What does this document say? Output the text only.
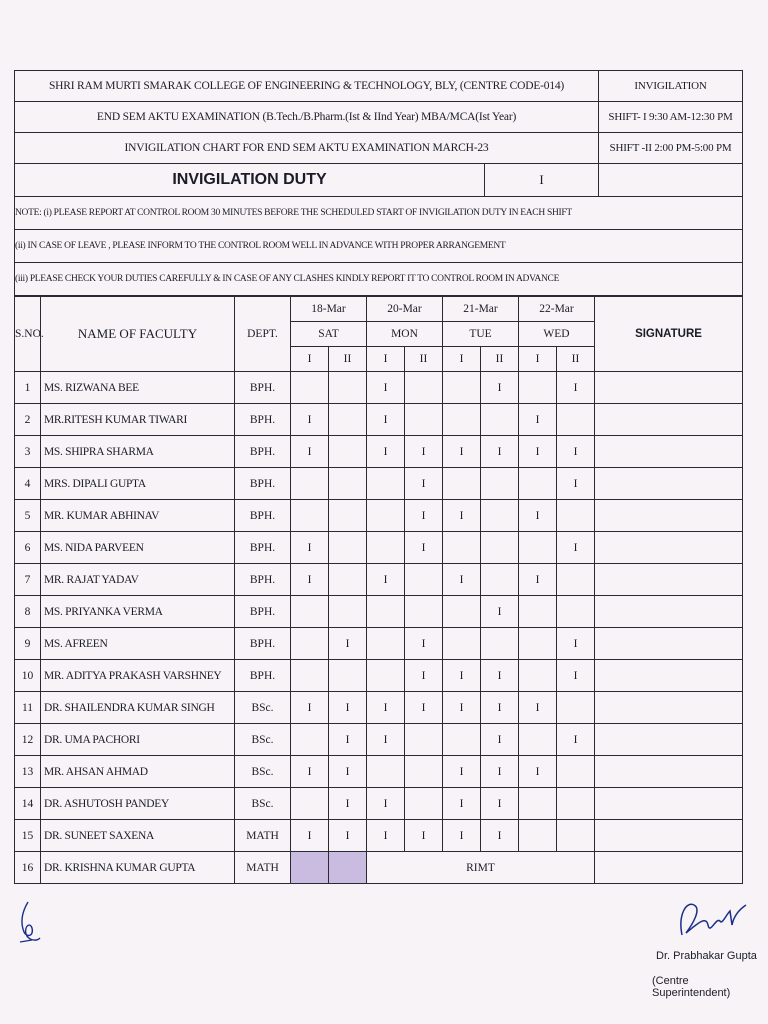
SHRI RAM MURTI SMARAK COLLEGE OF ENGINEERING & TECHNOLOGY, BLY, (CENTRE CODE-014)		INVIGILATION
END SEM AKTU EXAMINATION (B.Tech./B.Pharm.(Ist & IInd Year) MBA/MCA(Ist Year)		SHIFT- I 9:30 AM-12:30 PM
INVIGILATION CHART FOR END SEM AKTU EXAMINATION MARCH-23		SHIFT -II 2:00 PM-5:00 PM
INVIGILATION DUTY	I	
NOTE: (i) PLEASE REPORT AT CONTROL ROOM 30 MINUTES BEFORE THE SCHEDULED START OF INVIGILATION DUTY IN EACH SHIFT		
(ii) IN CASE OF LEAVE , PLEASE INFORM TO THE CONTROL ROOM WELL IN ADVANCE WITH PROPER ARRANGEMENT		
(iii) PLEASE CHECK YOUR DUTIES CAREFULLY & IN CASE OF ANY CLASHES KINDLY REPORT IT TO CONTROL ROOM IN ADVANCE		
S.NO.	NAME OF FACULTY	DEPT.	18-Mar		20-Mar		21-Mar		22-Mar		SIGNATURE
			SAT		MON		TUE		WED		
			I	II	I	II	I	II	I	II	
1	MS. RIZWANA BEE	BPH.			I			I		I	
2	MR.RITESH KUMAR TIWARI	BPH.	I		I				I		
3	MS. SHIPRA SHARMA	BPH.	I		I	I	I	I	I	I	
4	MRS. DIPALI GUPTA	BPH.				I				I	
5	MR. KUMAR ABHINAV	BPH.				I	I		I		
6	MS. NIDA PARVEEN	BPH.	I			I				I	
7	MR. RAJAT YADAV	BPH.	I		I		I		I		
8	MS. PRIYANKA VERMA	BPH.						I			
9	MS. AFREEN	BPH.		I		I				I	
10	MR. ADITYA PRAKASH VARSHNEY	BPH.				I	I	I		I	
11	DR. SHAILENDRA KUMAR SINGH	BSc.	I	I	I	I	I	I	I		
12	DR. UMA PACHORI	BSc.		I	I			I		I	
13	MR. AHSAN AHMAD	BSc.	I	I			I	I	I		
14	DR. ASHUTOSH PANDEY	BSc.		I	I		I	I			
15	DR. SUNEET SAXENA	MATH	I	I	I	I	I	I			
16	DR. KRISHNA KUMAR GUPTA	MATH			RIMT						
Dr. Prabhakar Gupta
(Centre Superintendent)
